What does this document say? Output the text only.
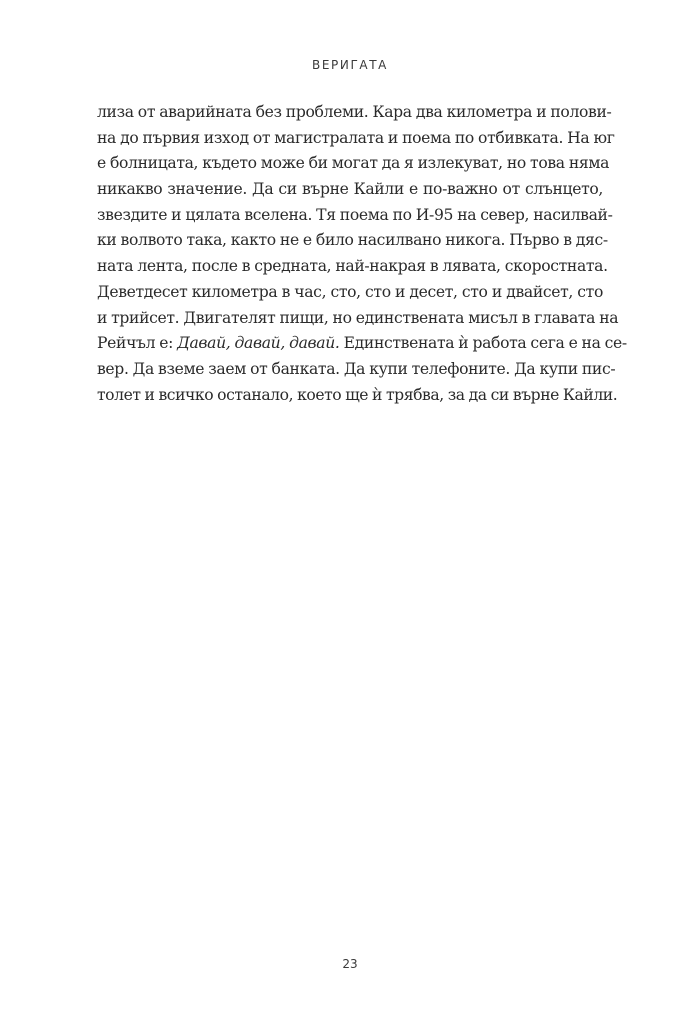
ВЕРИГАТА
лиза от аварийната без проблеми. Кара два километра и полови-
на до първия изход от магистралата и поема по отбивката. На юг
е болницата, където може би могат да я излекуват, но това няма
никакво значение. Да си върне Кайли е по-важно от слънцето,
звездите и цялата вселена. Тя поема по И-95 на север, насилвай-
ки волвото така, както не е било насилвано никога. Първо в дяс-
ната лента, после в средната, най-накрая в лявата, скоростната.
Деветдесет километра в час, сто, сто и десет, сто и двайсет, сто
и трийсет. Двигателят пищи, но единствената мисъл в главата на
Рейчъл е: Давай, давай, давай. Единствената ѝ работа сега е на се-
вер. Да вземе заем от банката. Да купи телефоните. Да купи пис-
толет и всичко останало, което ще ѝ трябва, за да си върне Кайли.
23
